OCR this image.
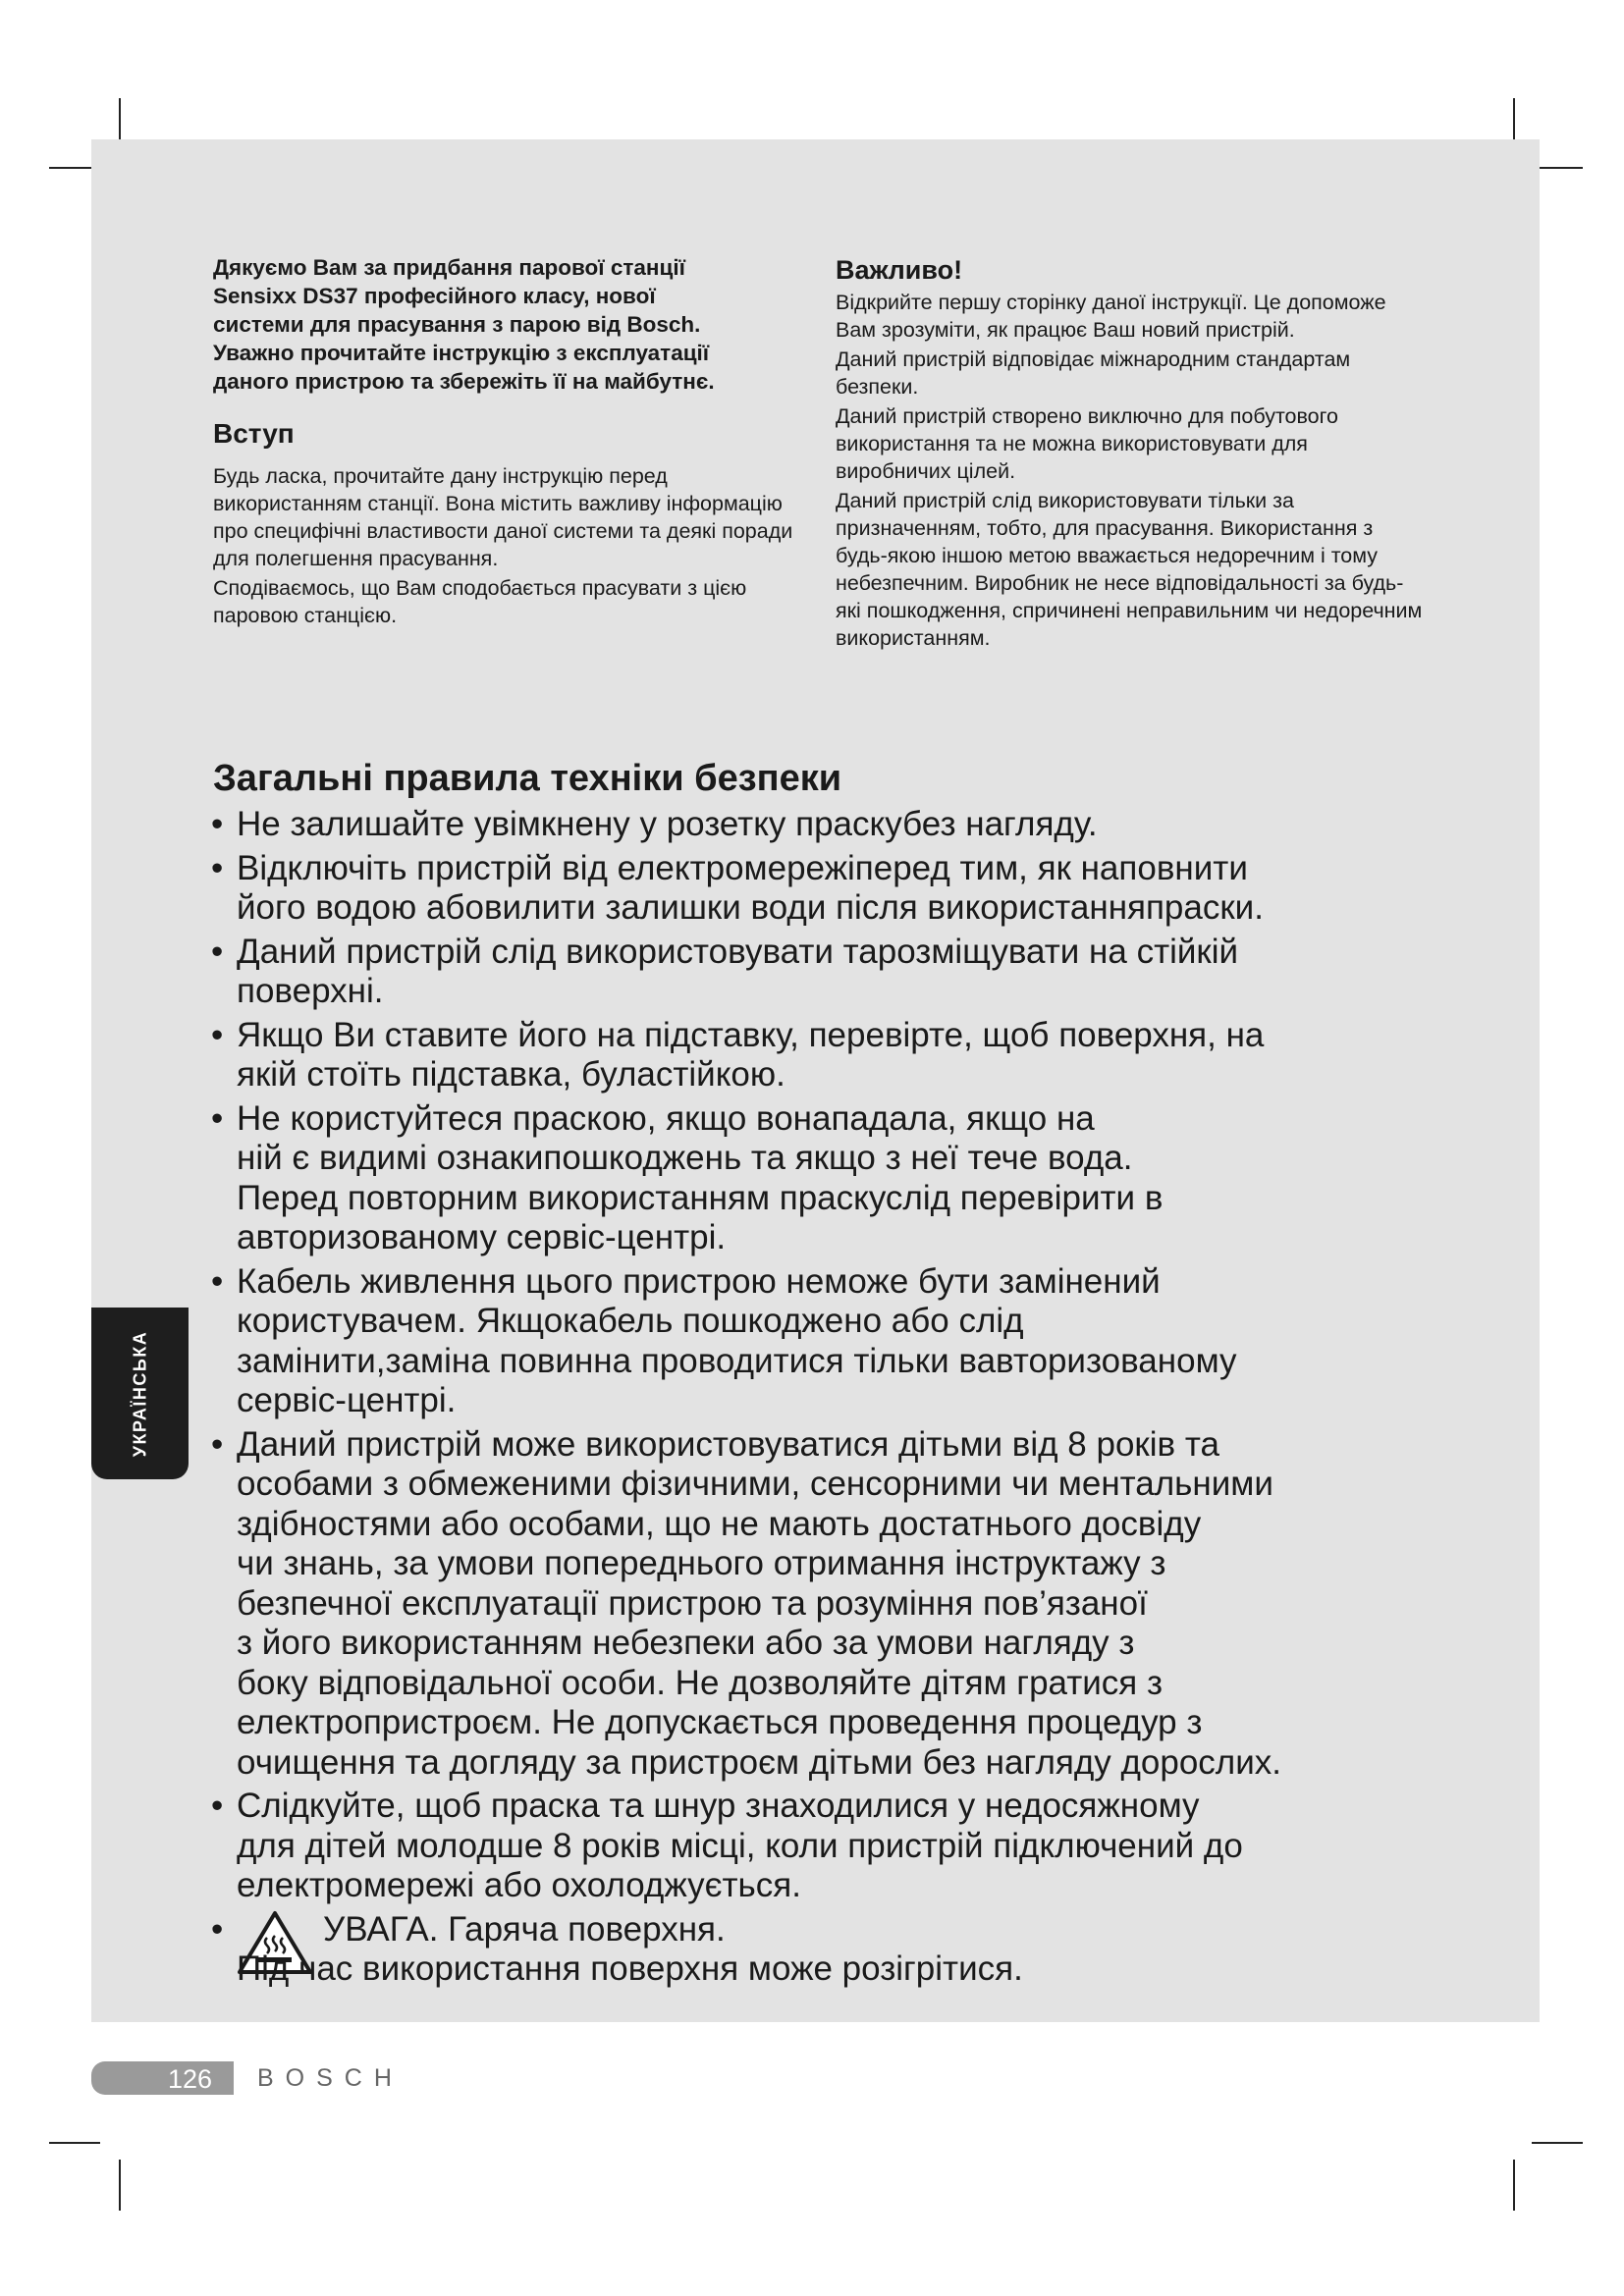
Дякуємо Вам за придбання парової станції
Sensixx DS37 професійного класу, нової
системи для прасування з парою від Bosch.
Уважно прочитайте інструкцію з експлуатації
даного пристрою та збережіть її на майбутнє.
Вступ

Будь ласка, прочитайте дану інструкцію перед використанням станції. Вона містить важливу інформацію про специфічні властивости даної системи та деякі поради для полегшення прасування.

Сподіваємось, що Вам сподобається прасувати з цією паровою станцією.

Важливо!

Відкрийте першу сторінку даної інструкції. Це допоможе Вам зрозуміти, як працює Ваш новий пристрій.

Даний пристрій відповідає міжнародним стандартам безпеки.

Даний пристрій створено виключно для побутового використання та не можна використовувати для виробничих цілей.

Даний пристрій слід використовувати тільки за призначенням, тобто, для прасування. Використання з будь-якою іншою метою вважається недоречним і тому небезпечним. Виробник не несе відповідальності за будь-які пошкодження, спричинені неправильним чи недоречним використанням.

Загальні правила техніки безпеки
• Не залишайте увімкнену у розетку праскубез нагляду.
• Відключіть пристрій від електромережіперед тим, як наповнити
його водою абовилити залишки води після використанняпраски.
• Даний пристрій слід використовувати тарозміщувати на стійкій
поверхні.
• Якщо Ви ставите його на підставку, перевірте, щоб поверхня, на
якій стоїть підставка, буластійкою.
• Не користуйтеся праскою, якщо вонападала, якщо на
ній є видимі ознакипошкоджень та якщо з неї тече вода.
Перед повторним використанням праскуслід перевірити в
авторизованому сервіс-центрі.
• Кабель живлення цього пристрою неможе бути замінений
користувачем. Якщокабель пошкоджено або слід
замінити,заміна повинна проводитися тільки вавторизованому
сервіс-центрі.
• Даний пристрій може використовуватися дітьми від 8 років та
особами з обмеженими фізичними, сенсорними чи ментальними
здібностями або особами, що не мають достатнього досвіду
чи знань, за умови попереднього отримання інструктажу з
безпечної експлуатації пристрою та розуміння пов’язаної
з його використанням небезпеки або за умови нагляду з
боку відповідальної особи. Не дозволяйте дітям гратися з
електропристроєм. Не допускається проведення процедур з
очищення та догляду за пристроєм дітьми без нагляду дорослих.
• Слідкуйте, щоб праска та шнур знаходилися у недосяжному
для дітей молодше 8 років місці, коли пристрій підключений до
електромережі або охолоджується.
•	УВАГА. Гаряча поверхня.
Під час використання поверхня може розігрітися.
УКРАЇНСЬКА
126 BOSCH
